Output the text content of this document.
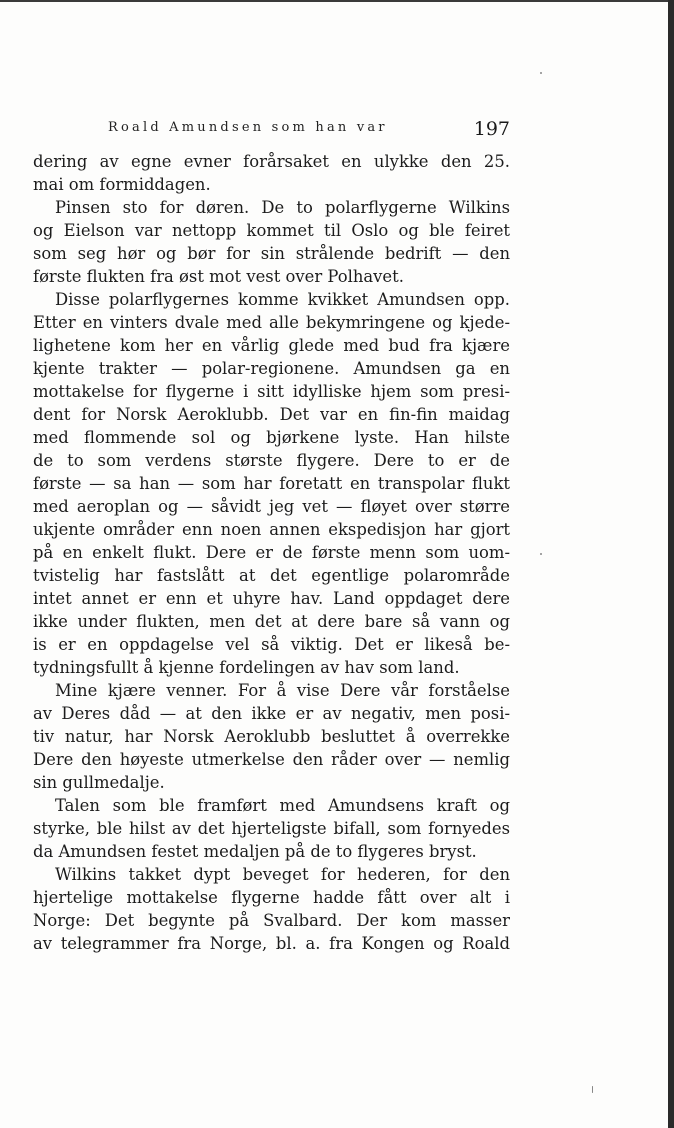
Roald Amundsen som han var	197
dering av egne evner forårsaket en ulykke den 25.
mai om formiddagen.
Pinsen sto for døren. De to polarflygerne Wilkins
og Eielson var nettopp kommet til Oslo og ble feiret
som seg hør og bør for sin strålende bedrift — den
første flukten fra øst mot vest over Polhavet.
Disse polarflygernes komme kvikket Amundsen opp.
Etter en vinters dvale med alle bekymringene og kjede-
lighetene kom her en vårlig glede med bud fra kjære
kjente trakter — polar-regionene. Amundsen ga en
mottakelse for flygerne i sitt idylliske hjem som presi-
dent for Norsk Aeroklubb. Det var en fin-fin maidag
med flommende sol og bjørkene lyste. Han hilste
de to som verdens største flygere. Dere to er de
første — sa han — som har foretatt en transpolar flukt
med aeroplan og — såvidt jeg vet — fløyet over større
ukjente områder enn noen annen ekspedisjon har gjort
på en enkelt flukt. Dere er de første menn som uom-
tvistelig har fastslått at det egentlige polarområde
intet annet er enn et uhyre hav. Land oppdaget dere
ikke under flukten, men det at dere bare så vann og
is er en oppdagelse vel så viktig. Det er likeså be-
tydningsfullt å kjenne fordelingen av hav som land.
Mine kjære venner. For å vise Dere vår forståelse
av Deres dåd — at den ikke er av negativ, men posi-
tiv natur, har Norsk Aeroklubb besluttet å overrekke
Dere den høyeste utmerkelse den råder over — nemlig
sin gullmedalje.
Talen som ble framført med Amundsens kraft og
styrke, ble hilst av det hjerteligste bifall, som fornyedes
da Amundsen festet medaljen på de to flygeres bryst.
Wilkins takket dypt beveget for hederen, for den
hjertelige mottakelse flygerne hadde fått over alt i
Norge: Det begynte på Svalbard. Der kom masser
av telegrammer fra Norge, bl. a. fra Kongen og Roald
